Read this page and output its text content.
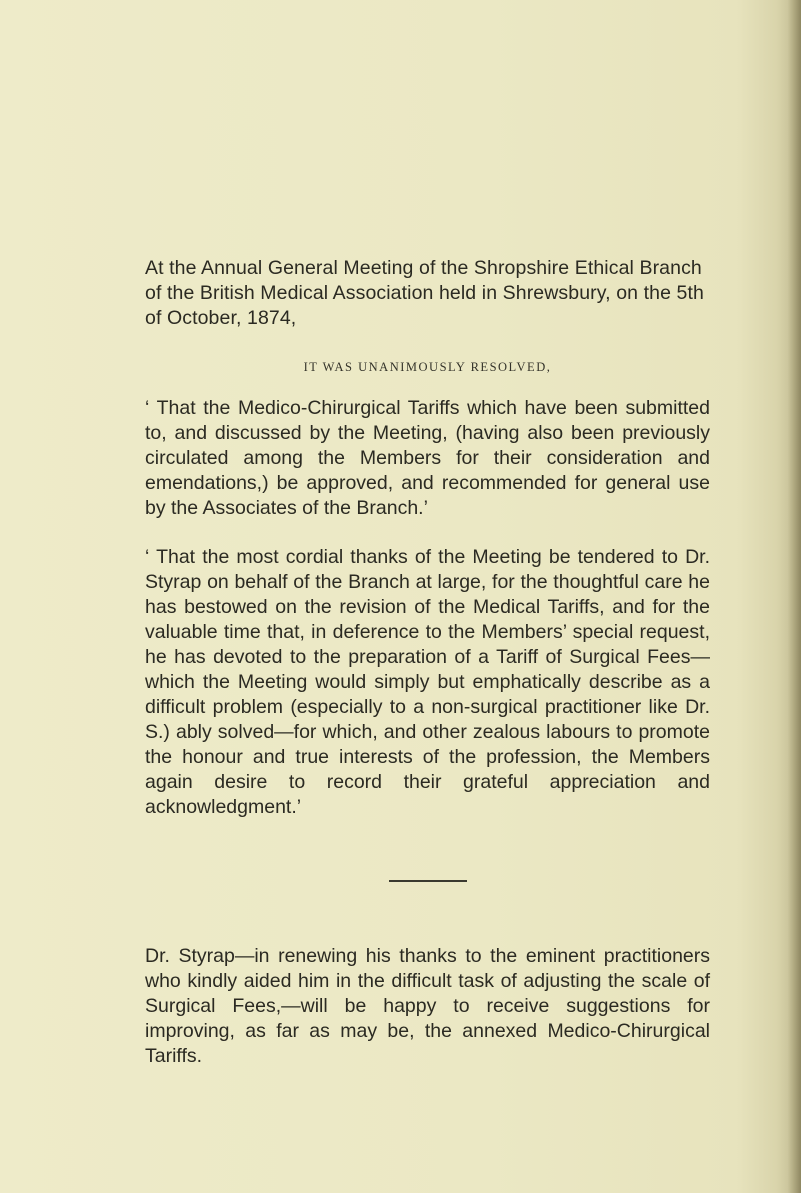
At the Annual General Meeting of the Shropshire Ethical Branch of the British Medical Association held in Shrewsbury, on the 5th of October, 1874,

IT WAS UNANIMOUSLY RESOLVED,

‘ That the Medico-Chirurgical Tariffs which have been submitted to, and discussed by the Meeting, (having also been previously circulated among the Members for their consideration and emendations,) be approved, and recommended for general use by the Associates of the Branch.’

‘ That the most cordial thanks of the Meeting be tendered to Dr. Styrap on behalf of the Branch at large, for the thoughtful care he has bestowed on the revision of the Medical Tariffs, and for the valuable time that, in deference to the Members’ special request, he has devoted to the preparation of a Tariff of Surgical Fees—which the Meeting would simply but emphatically describe as a difficult problem (especially to a non-surgical practitioner like Dr. S.) ably solved—for which, and other zealous labours to promote the honour and true interests of the profession, the Members again desire to record their grateful appreciation and acknowledgment.’

Dr. Styrap—in renewing his thanks to the eminent practitioners who kindly aided him in the difficult task of adjusting the scale of Surgical Fees,—will be happy to receive suggestions for improving, as far as may be, the annexed Medico-Chirurgical Tariffs.
